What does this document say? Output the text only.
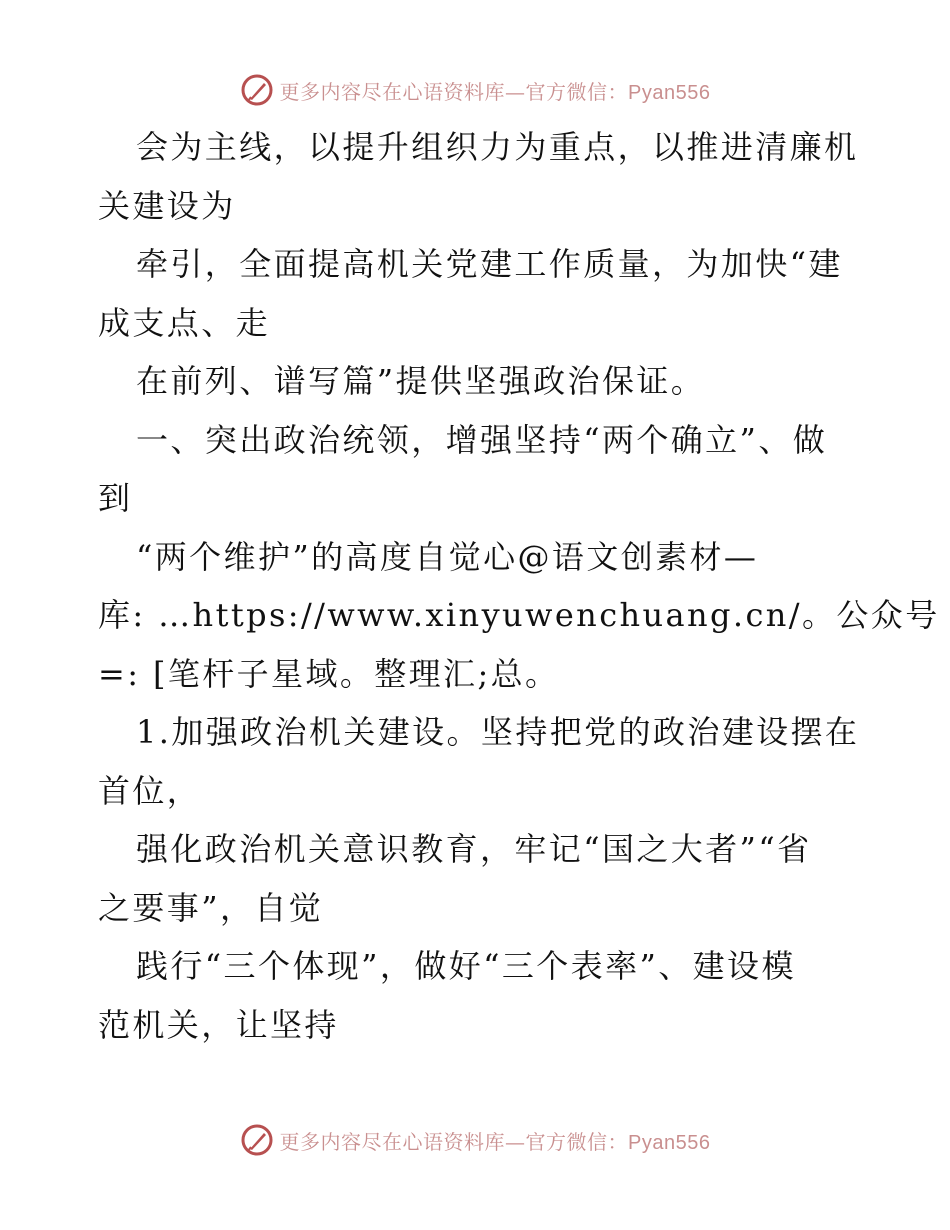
更多内容尽在心语资料库—官方微信：Pyan556
会为主线，以提升组织力为重点，以推进清廉机
关建设为
牵引，全面提高机关党建工作质量，为加快“建
成支点、走
在前列、谱写篇”提供坚强政治保证。
一、突出政治统领，增强坚持“两个确立”、做
到
“两个维护”的高度自觉心@语文创素材—
库: …https://www.xinyuwenchuang.cn/。公众号
=: [笔杆子星域。整理汇;总。
1.加强政治机关建设。坚持把党的政治建设摆在
首位，
强化政治机关意识教育，牢记“国之大者”“省
之要事”，自觉
践行“三个体现”，做好“三个表率”、建设模
范机关，让坚持
更多内容尽在心语资料库—官方微信：Pyan556
